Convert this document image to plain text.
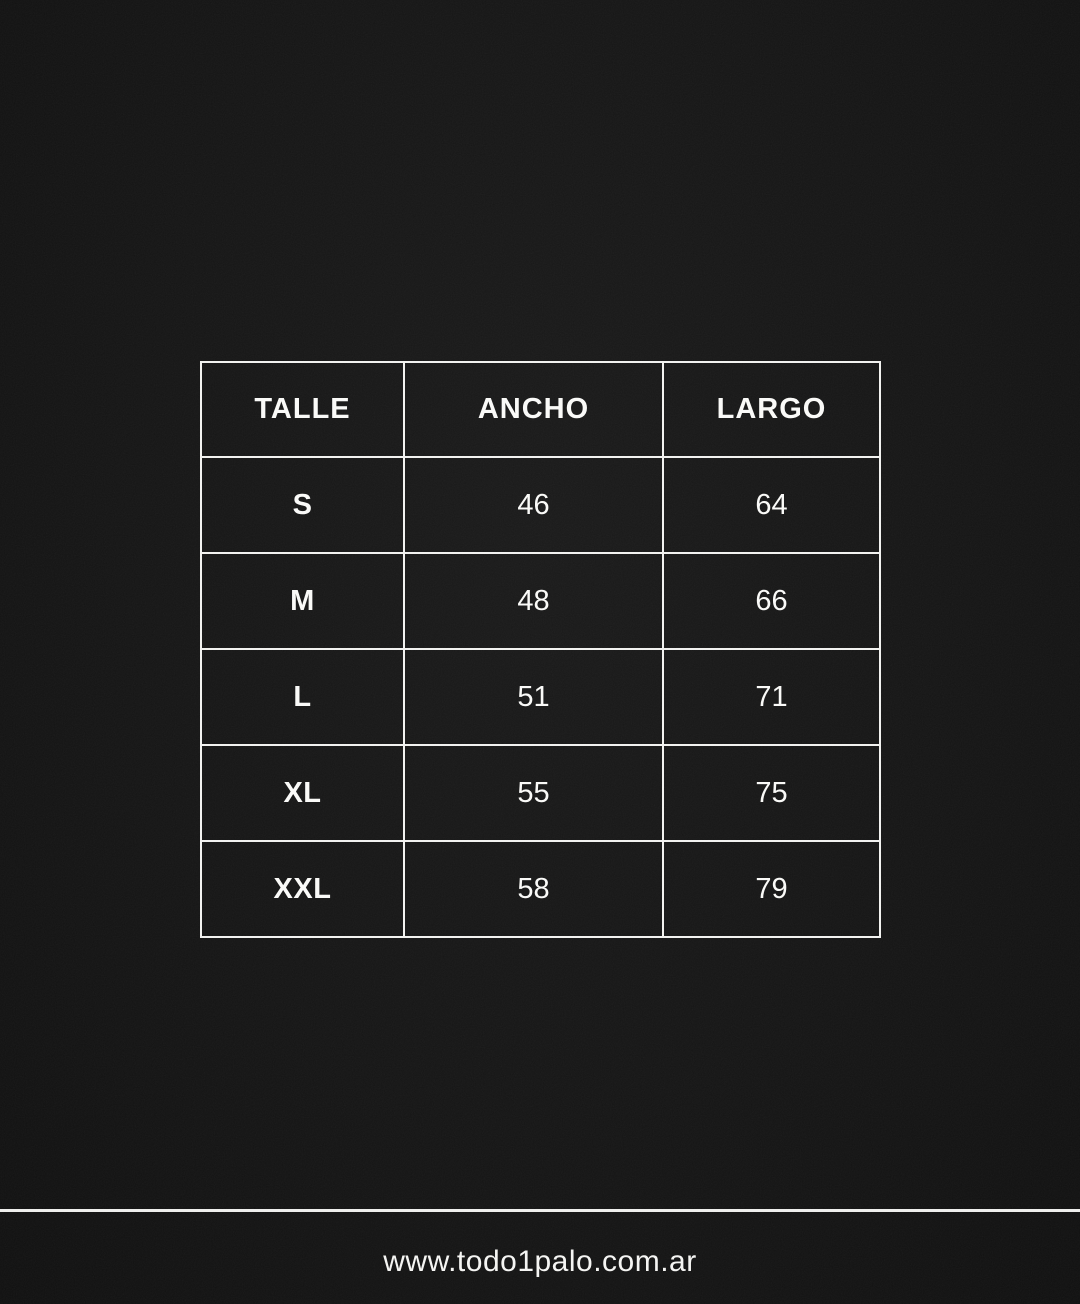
TALLE	ANCHO	LARGO
S	46	64
M	48	66
L	51	71
XL	55	75
XXL	58	79
www.todo1palo.com.ar
